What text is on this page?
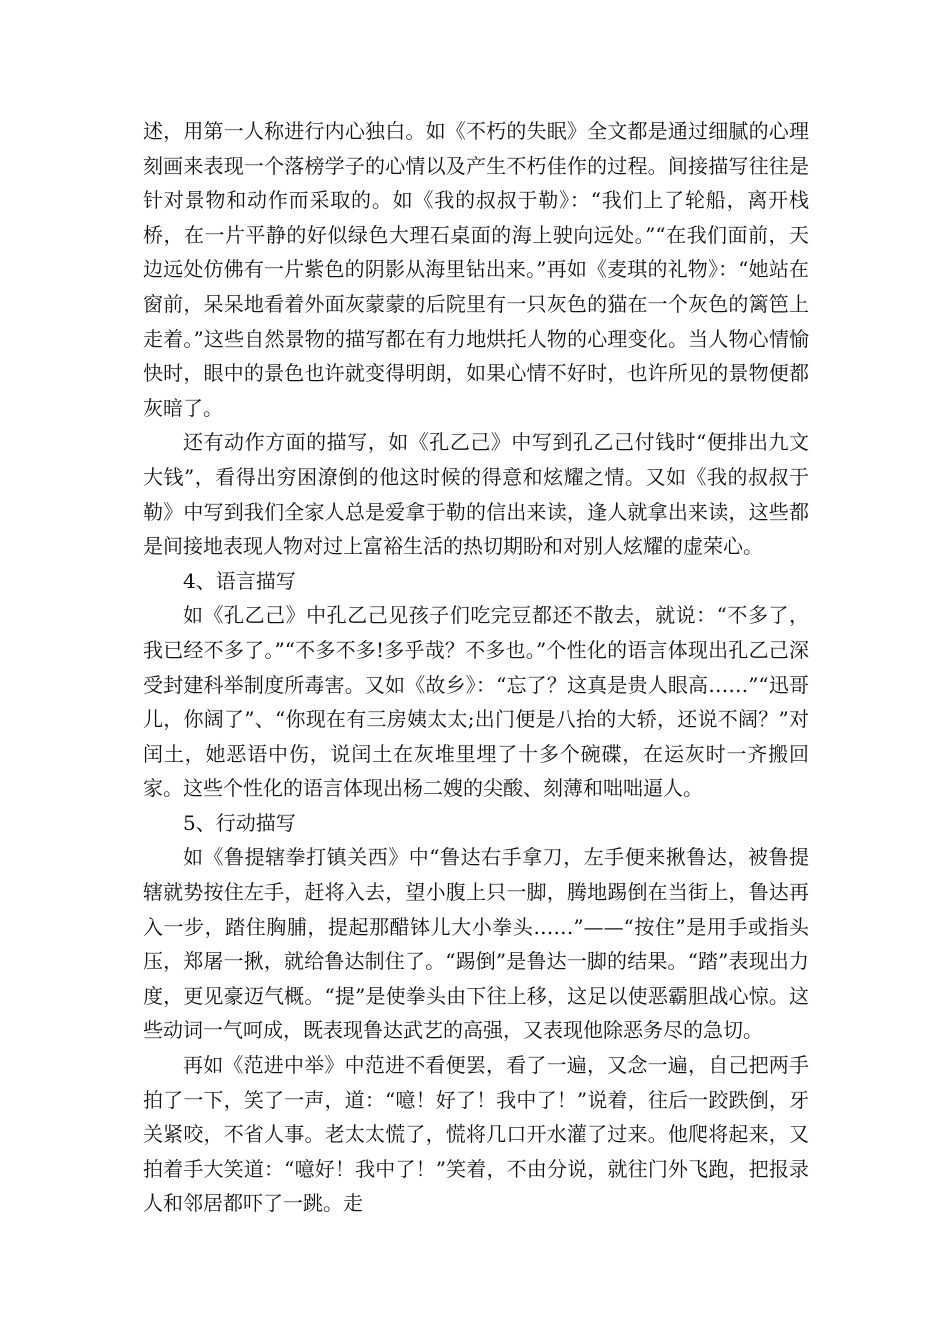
述，用第一人称进行内心独白。如《不朽的失眠》全文都是通过细腻的心理刻画来表现一个落榜学子的心情以及产生不朽佳作的过程。间接描写往往是针对景物和动作而采取的。如《我的叔叔于勒》：“我们上了轮船，离开栈桥，在一片平静的好似绿色大理石桌面的海上驶向远处。”“在我们面前，天边远处仿佛有一片紫色的阴影从海里钻出来。”再如《麦琪的礼物》：“她站在窗前，呆呆地看着外面灰蒙蒙的后院里有一只灰色的猫在一个灰色的篱笆上走着。”这些自然景物的描写都在有力地烘托人物的心理变化。当人物心情愉快时，眼中的景色也许就变得明朗，如果心情不好时，也许所见的景物便都灰暗了。

还有动作方面的描写，如《孔乙己》中写到孔乙己付钱时“便排出九文大钱”，看得出穷困潦倒的他这时候的得意和炫耀之情。又如《我的叔叔于勒》中写到我们全家人总是爱拿于勒的信出来读，逢人就拿出来读，这些都是间接地表现人物对过上富裕生活的热切期盼和对别人炫耀的虚荣心。

4、语言描写

如《孔乙己》中孔乙己见孩子们吃完豆都还不散去，就说：“不多了，我已经不多了。”“不多不多!多乎哉？不多也。”个性化的语言体现出孔乙己深受封建科举制度所毒害。又如《故乡》：“忘了？这真是贵人眼高……”“迅哥儿，你阔了”、“你现在有三房姨太太;出门便是八抬的大轿，还说不阔？”对闰土，她恶语中伤，说闰土在灰堆里埋了十多个碗碟，在运灰时一齐搬回家。这些个性化的语言体现出杨二嫂的尖酸、刻薄和咄咄逼人。

5、行动描写

如《鲁提辖拳打镇关西》中“鲁达右手拿刀，左手便来揪鲁达，被鲁提辖就势按住左手，赶将入去，望小腹上只一脚，腾地踢倒在当街上，鲁达再入一步，踏住胸脯，提起那醋钵儿大小拳头……”——“按住”是用手或指头压，郑屠一揪，就给鲁达制住了。“踢倒”是鲁达一脚的结果。“踏”表现出力度，更见豪迈气概。“提”是使拳头由下往上移，这足以使恶霸胆战心惊。这些动词一气呵成，既表现鲁达武艺的高强，又表现他除恶务尽的急切。

再如《范进中举》中范进不看便罢，看了一遍，又念一遍，自己把两手拍了一下，笑了一声，道：“噫！好了！我中了！”说着，往后一跤跌倒，牙关紧咬，不省人事。老太太慌了，慌将几口开水灌了过来。他爬将起来，又拍着手大笑道：“噫好！我中了！”笑着，不由分说，就往门外飞跑，把报录人和邻居都吓了一跳。走
